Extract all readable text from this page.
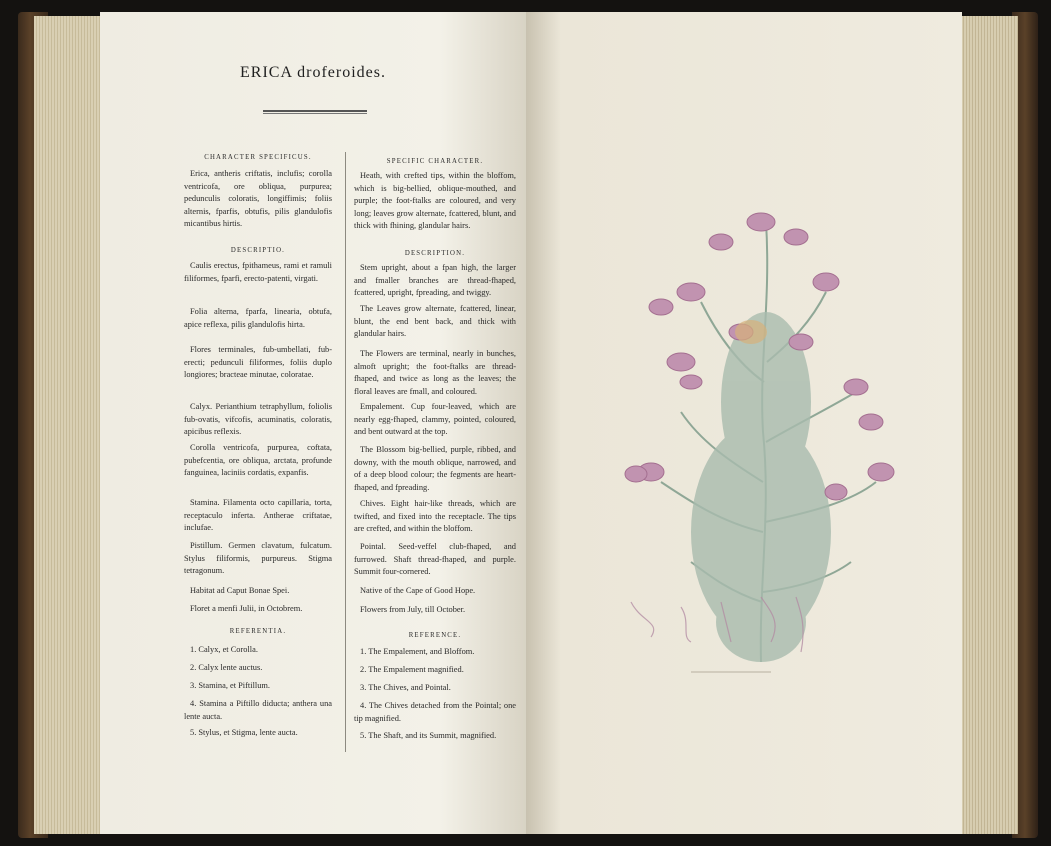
ERICA droferoides.

CHARACTER SPECIFICUS.

Erica, antheris criftatis, inclufis; corolla ventricofa, ore obliqua, purpurea; pedunculis coloratis, longiffimis; foliis alternis, fparfis, obtufis, pilis glandulofis micantibus hirtis.

DESCRIPTIO.

Caulis erectus, fpithameus, rami et ramuli filiformes, fparfi, erecto-patenti, virgati.

Folia alterna, fparfa, linearia, obtufa, apice reflexa, pilis glandulofis hirta.

Flores terminales, fub-umbellati, fub-erecti; pedunculi filiformes, foliis duplo longiores; bracteae minutae, coloratae.

Calyx. Perianthium tetraphyllum, foliolis fub-ovatis, vifcofis, acuminatis, coloratis, apicibus reflexis.

Corolla ventricofa, purpurea, coftata, pubefcentia, ore obliqua, arctata, profunde fanguinea, laciniis cordatis, expanfis.

Stamina. Filamenta octo capillaria, torta, receptaculo inferta. Antherae criftatae, inclufae.

Pistillum. Germen clavatum, fulcatum. Stylus filiformis, purpureus. Stigma tetragonum.

Habitat ad Caput Bonae Spei.

Floret a menfi Julii, in Octobrem.

REFERENTIA.

1. Calyx, et Corolla.

2. Calyx lente auctus.

3. Stamina, et Piftillum.

4. Stamina a Piftillo diducta; anthera una lente aucta.

5. Stylus, et Stigma, lente aucta.

SPECIFIC CHARACTER.

Heath, with crefted tips, within the bloffom, which is big-bellied, oblique-mouthed, and purple; the foot-ftalks are coloured, and very long; leaves grow alternate, fcattered, blunt, and thick with fhining, glandular hairs.

DESCRIPTION.

Stem upright, about a fpan high, the larger and fmaller branches are thread-fhaped, fcattered, upright, fpreading, and twiggy.

The Leaves grow alternate, fcattered, linear, blunt, the end bent back, and thick with glandular hairs.

The Flowers are terminal, nearly in bunches, almoft upright; the foot-ftalks are thread-fhaped, and twice as long as the leaves; the floral leaves are fmall, and coloured.

Empalement. Cup four-leaved, which are nearly egg-fhaped, clammy, pointed, coloured, and bent outward at the top.

The Blossom big-bellied, purple, ribbed, and downy, with the mouth oblique, narrowed, and of a deep blood colour; the fegments are heart-fhaped, and fpreading.

Chives. Eight hair-like threads, which are twifted, and fixed into the receptacle. The tips are crefted, and within the bloffom.

Pointal. Seed-veffel club-fhaped, and furrowed. Shaft thread-fhaped, and purple. Summit four-cornered.

Native of the Cape of Good Hope.

Flowers from July, till October.

REFERENCE.

1. The Empalement, and Bloffom.

2. The Empalement magnified.

3. The Chives, and Pointal.

4. The Chives detached from the Pointal; one tip magnified.

5. The Shaft, and its Summit, magnified.
